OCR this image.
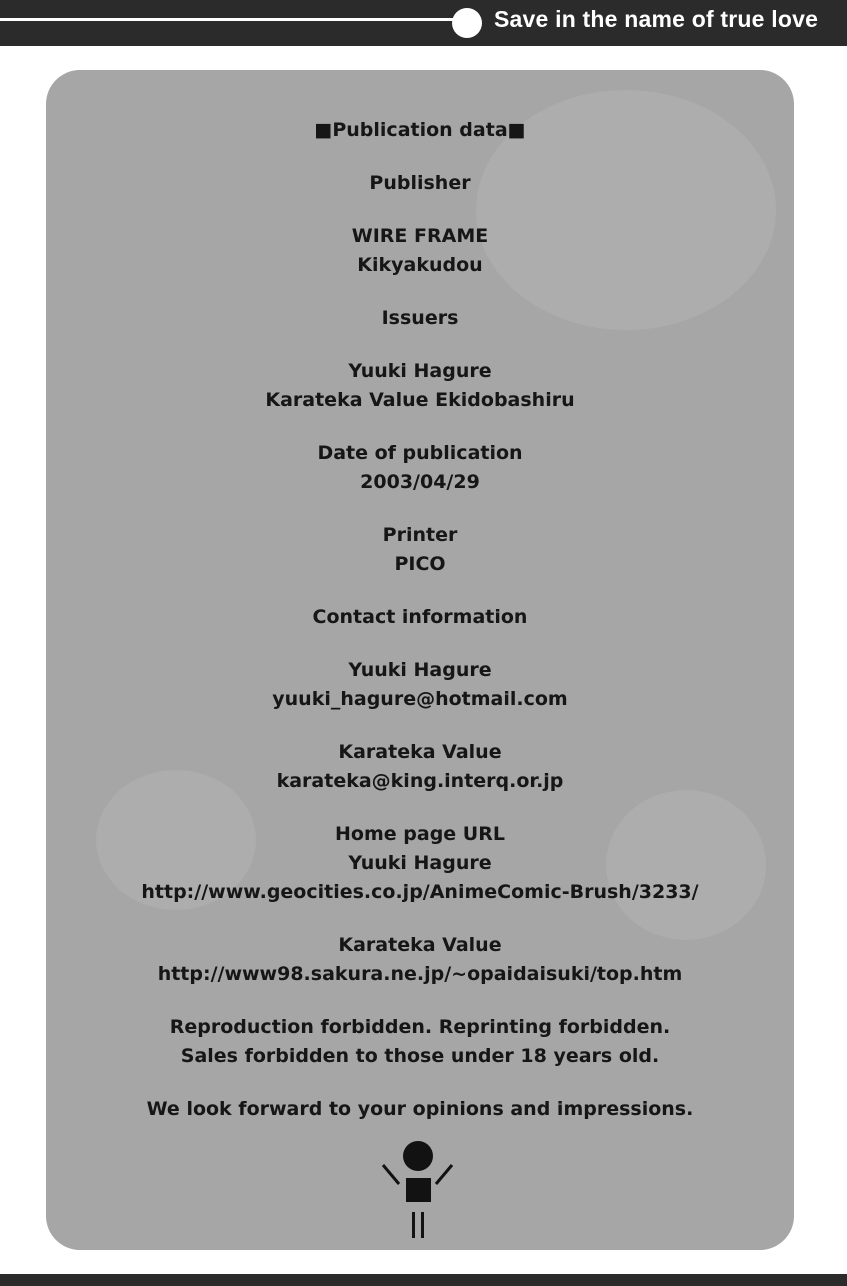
Save in the name of true love
■Publication data■
Publisher
WIRE FRAME
Kikyakudou
Issuers
Yuuki Hagure
Karateka Value Ekidobashiru
Date of publication
2003/04/29
Printer
PICO
Contact information
Yuuki Hagure
yuuki_hagure@hotmail.com
Karateka Value
karateka@king.interq.or.jp
Home page URL
Yuuki Hagure
http://www.geocities.co.jp/AnimeComic-Brush/3233/
Karateka Value
http://www98.sakura.ne.jp/~opaidaisuki/top.htm
Reproduction forbidden. Reprinting forbidden.
Sales forbidden to those under 18 years old.
We look forward to your opinions and impressions.
